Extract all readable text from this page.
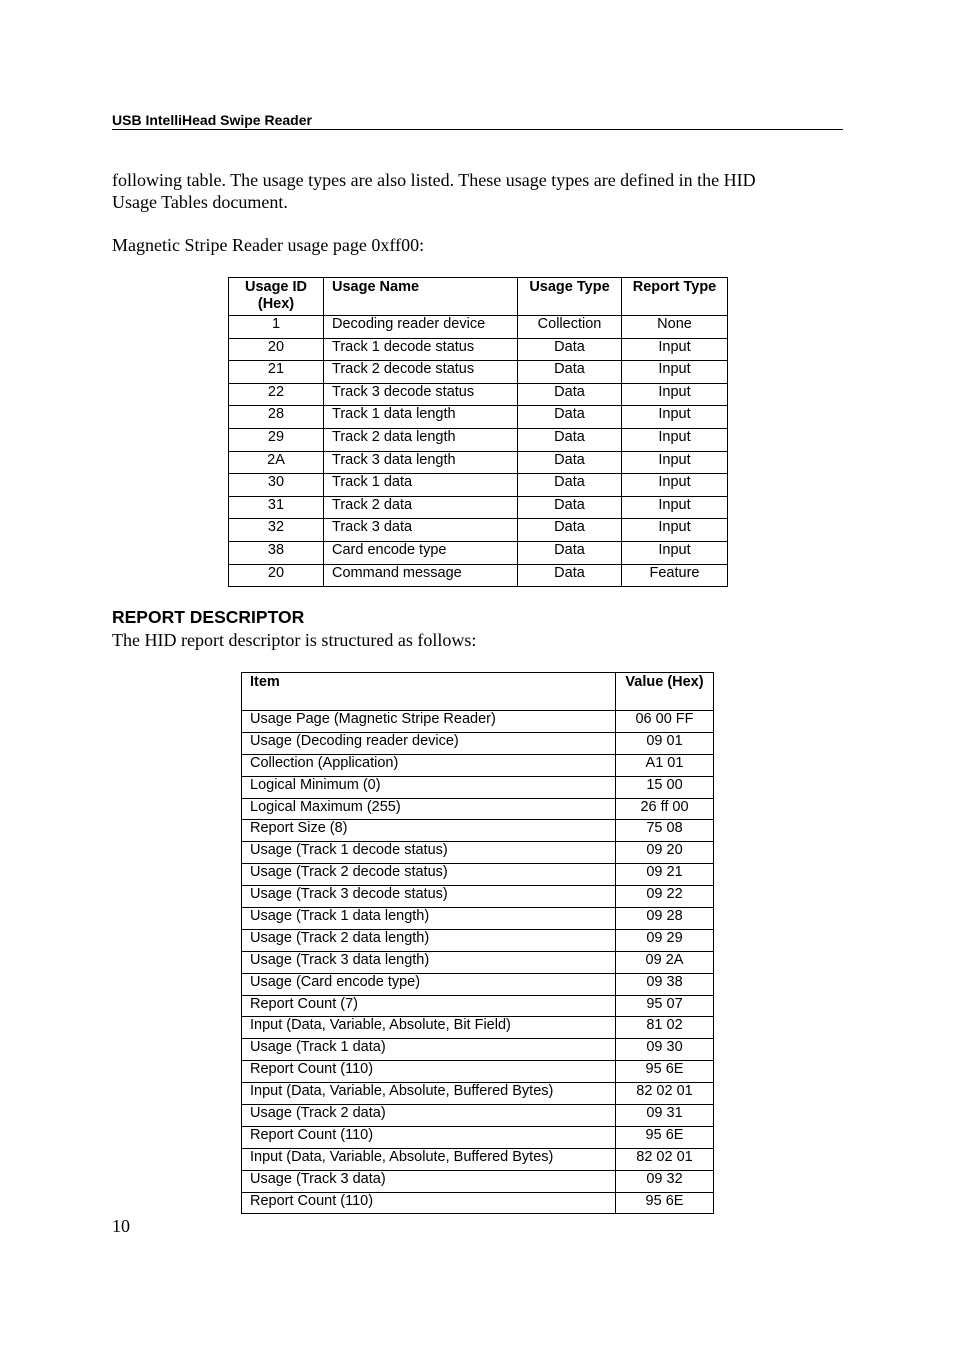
USB IntelliHead Swipe Reader

following table. The usage types are also listed. These usage types are defined in the HID

Usage Tables document.

Magnetic Stripe Reader usage page 0xff00:
Usage ID (Hex)	Usage Name	Usage Type	Report Type
1	Decoding reader device	Collection	None
20	Track 1 decode status	Data	Input
21	Track 2 decode status	Data	Input
22	Track 3 decode status	Data	Input
28	Track 1 data length	Data	Input
29	Track 2 data length	Data	Input
2A	Track 3 data length	Data	Input
30	Track 1 data	Data	Input
31	Track 2 data	Data	Input
32	Track 3 data	Data	Input
38	Card encode type	Data	Input
20	Command message	Data	Feature
REPORT DESCRIPTOR
The HID report descriptor is structured as follows:
Item	Value (Hex)
Usage Page (Magnetic Stripe Reader)	06 00 FF
Usage (Decoding reader device)	09 01
Collection (Application)	A1 01
Logical Minimum (0)	15 00
Logical Maximum (255)	26 ff 00
Report Size (8)	75 08
Usage (Track 1 decode status)	09 20
Usage (Track 2 decode status)	09 21
Usage (Track 3 decode status)	09 22
Usage (Track 1 data length)	09 28
Usage (Track 2 data length)	09 29
Usage (Track 3 data length)	09 2A
Usage (Card encode type)	09 38
Report Count (7)	95 07
Input (Data, Variable, Absolute, Bit Field)	81 02
Usage (Track 1 data)	09 30
Report Count (110)	95 6E
Input (Data, Variable, Absolute, Buffered Bytes)	82 02 01
Usage (Track 2 data)	09 31
Report Count (110)	95 6E
Input (Data, Variable, Absolute, Buffered Bytes)	82 02 01
Usage (Track 3 data)	09 32
Report Count (110)	95 6E
10
